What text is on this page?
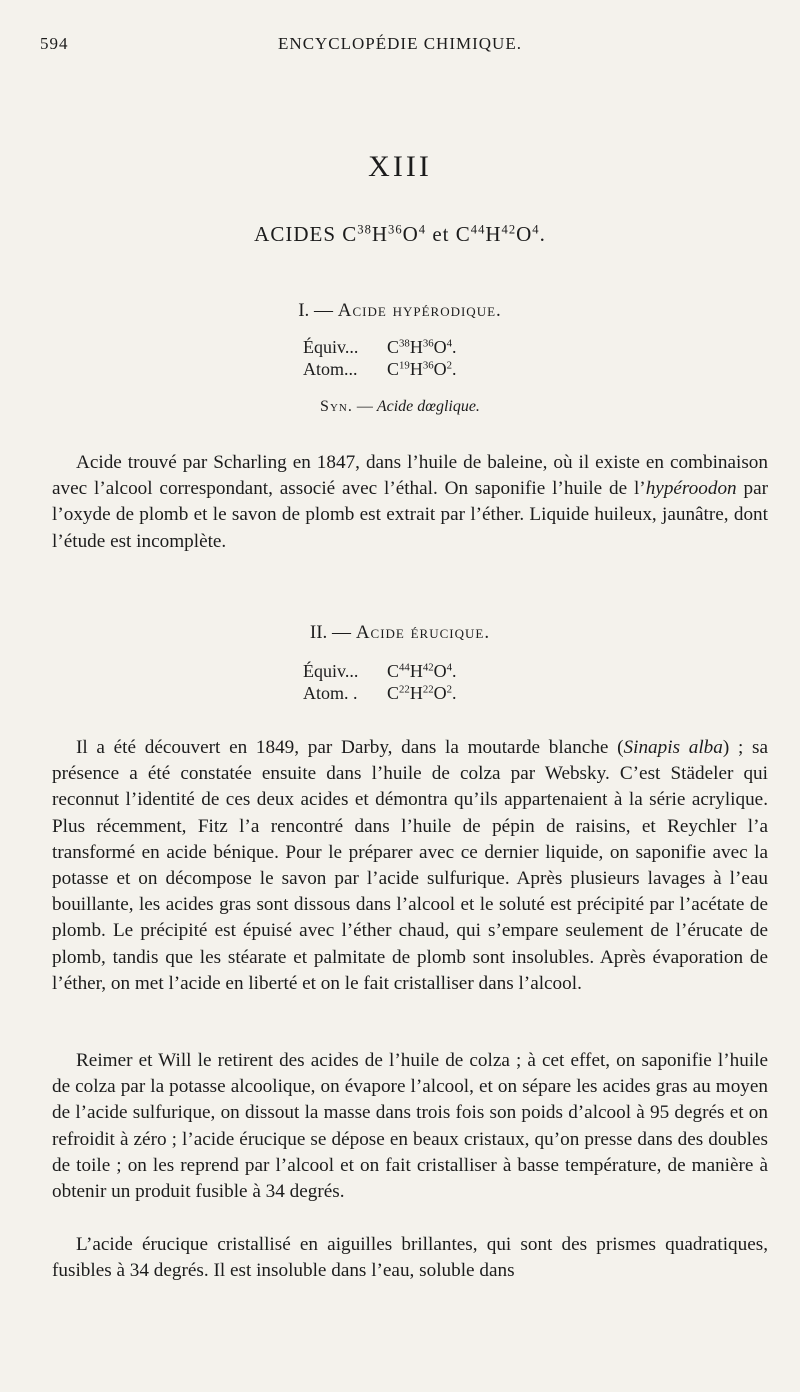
594	ENCYCLOPÉDIE CHIMIQUE.
XIII
ACIDES $C^{38}H^{36}O^4$ et $C^{44}H^{42}O^4$.
I. — Acide hypérodique.
Équiv...	$C^{38}H^{36}O^4$.
Atom...	$C^{19}H^{36}O^2$.
Syn. — Acide dœglique.

Acide trouvé par Scharling en 1847, dans l’huile de baleine, où il existe en combinaison avec l’alcool correspondant, associé avec l’éthal. On saponifie l’huile de l’hypéroodon par l’oxyde de plomb et le savon de plomb est extrait par l’éther. Liquide huileux, jaunâtre, dont l’étude est incomplète.

II. — Acide érucique.
Équiv...	$C^{44}H^{42}O^4$.
Atom. .	$C^{22}H^{22}O^2$.

Il a été découvert en 1849, par Darby, dans la moutarde blanche (Sinapis alba) ; sa présence a été constatée ensuite dans l’huile de colza par Websky. C’est Städeler qui reconnut l’identité de ces deux acides et démontra qu’ils appartenaient à la série acrylique. Plus récemment, Fitz l’a rencontré dans l’huile de pépin de raisins, et Reychler l’a transformé en acide bénique. Pour le préparer avec ce dernier liquide, on saponifie avec la potasse et on décompose le savon par l’acide sulfurique. Après plusieurs lavages à l’eau bouillante, les acides gras sont dissous dans l’alcool et le soluté est précipité par l’acétate de plomb. Le précipité est épuisé avec l’éther chaud, qui s’empare seulement de l’érucate de plomb, tandis que les stéarate et palmitate de plomb sont insolubles. Après évaporation de l’éther, on met l’acide en liberté et on le fait cristalliser dans l’alcool.

Reimer et Will le retirent des acides de l’huile de colza ; à cet effet, on saponifie l’huile de colza par la potasse alcoolique, on évapore l’alcool, et on sépare les acides gras au moyen de l’acide sulfurique, on dissout la masse dans trois fois son poids d’alcool à 95 degrés et on refroidit à zéro ; l’acide érucique se dépose en beaux cristaux, qu’on presse dans des doubles de toile ; on les reprend par l’alcool et on fait cristalliser à basse température, de manière à obtenir un produit fusible à 34 degrés.

L’acide érucique cristallisé en aiguilles brillantes, qui sont des prismes quadratiques, fusibles à 34 degrés. Il est insoluble dans l’eau, soluble dans
